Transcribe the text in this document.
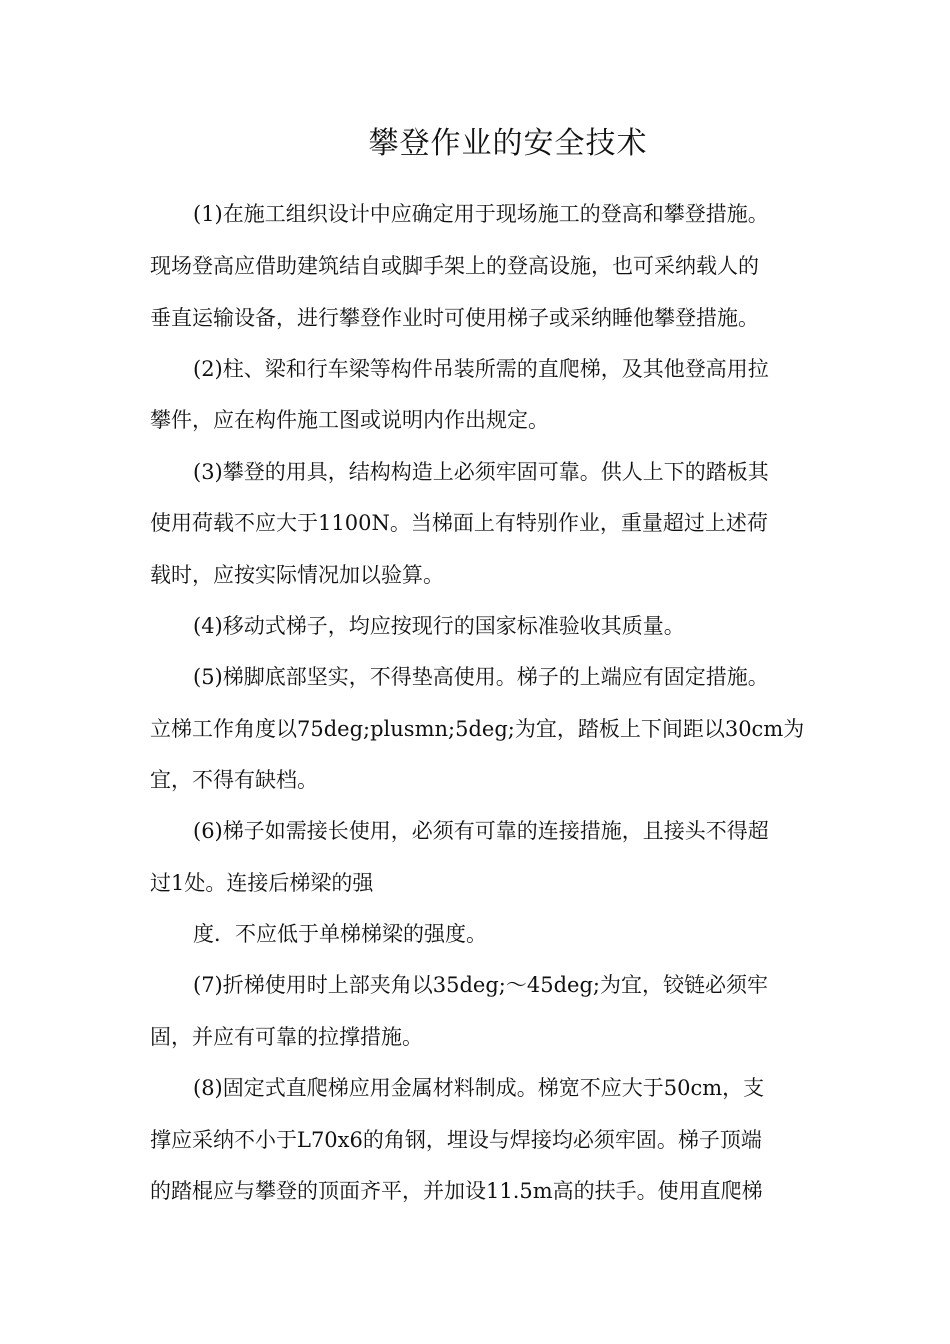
攀登作业的安全技术
(1)在施工组织设计中应确定用于现场施工的登高和攀登措施。
现场登高应借助建筑结自或脚手架上的登高设施，也可采纳载人的
垂直运输设备，进行攀登作业时可使用梯子或采纳睡他攀登措施。
(2)柱、梁和行车梁等构件吊装所需的直爬梯，及其他登高用拉
攀件，应在构件施工图或说明内作出规定。
(3)攀登的用具，结构构造上必须牢固可靠。供人上下的踏板其
使用荷载不应大于1100N。当梯面上有特别作业，重量超过上述荷
载时，应按实际情况加以验算。
(4)移动式梯子，均应按现行的国家标准验收其质量。
(5)梯脚底部坚实，不得垫高使用。梯子的上端应有固定措施。
立梯工作角度以75deg;plusmn;5deg;为宜，踏板上下间距以30cm为
宜，不得有缺档。
(6)梯子如需接长使用，必须有可靠的连接措施，且接头不得超
过1处。连接后梯梁的强
度．不应低于单梯梯梁的强度。
(7)折梯使用时上部夹角以35deg;～45deg;为宜，铰链必须牢
固，并应有可靠的拉撑措施。
(8)固定式直爬梯应用金属材料制成。梯宽不应大于50cm，支
撑应采纳不小于L70x6的角钢，埋设与焊接均必须牢固。梯子顶端
的踏棍应与攀登的顶面齐平，并加设11.5m高的扶手。使用直爬梯
